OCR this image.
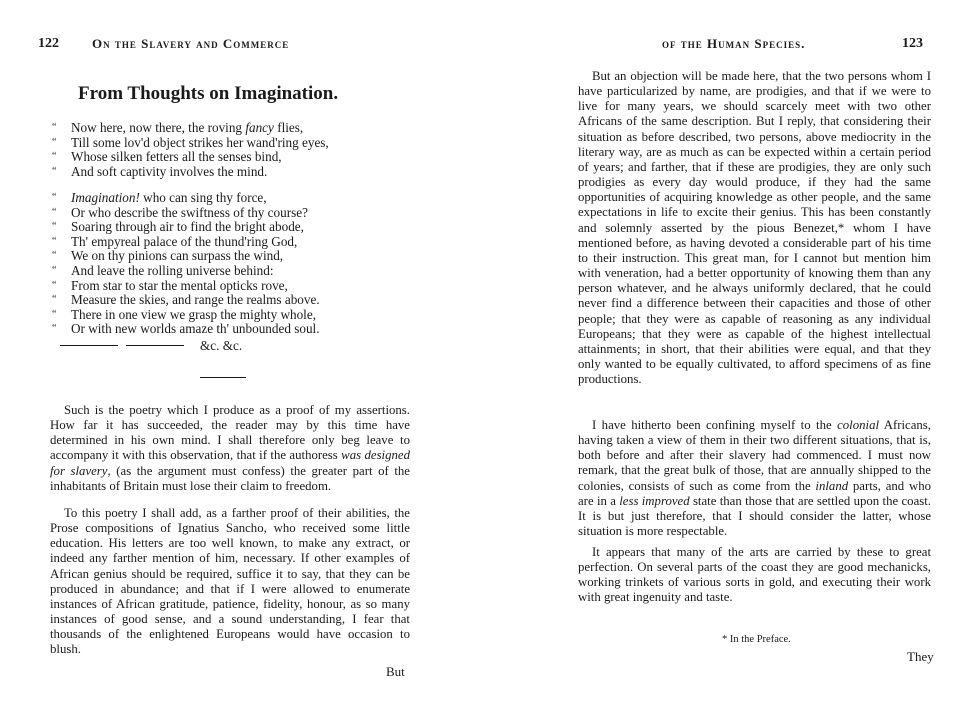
122	On the Slavery and Commerce
From Thoughts on Imagination.
“ Now here, now there, the roving fancy flies,
“ Till some lov'd object strikes her wand'ring eyes,
“ Whose silken fetters all the senses bind,
“ And soft captivity involves the mind.
“ Imagination! who can sing thy force,
“ Or who describe the swiftness of thy course?
“ Soaring through air to find the bright abode,
“ Th' empyreal palace of the thund'ring God,
“ We on thy pinions can surpass the wind,
“ And leave the rolling universe behind:
“ From star to star the mental opticks rove,
“ Measure the skies, and range the realms above.
“ There in one view we grasp the mighty whole,
“ Or with new worlds amaze th' unbounded soul.
&c. &c.

Such is the poetry which I produce as a proof of my assertions. How far it has succeeded, the reader may by this time have determined in his own mind. I shall therefore only beg leave to accompany it with this observation, that if the authoress was designed for slavery, (as the argument must confess) the greater part of the inhabitants of Britain must lose their claim to freedom.

To this poetry I shall add, as a farther proof of their abilities, the Prose compositions of Ignatius Sancho, who received some little education. His letters are too well known, to make any extract, or indeed any farther mention of him, necessary. If other examples of African genius should be required, suffice it to say, that they can be produced in abundance; and that if I were allowed to enumerate instances of African gratitude, patience, fidelity, honour, as so many instances of good sense, and a sound understanding, I fear that thousands of the enlightened Europeans would have occasion to blush.

But
of the Human Species.	123

But an objection will be made here, that the two persons whom I have particularized by name, are prodigies, and that if we were to live for many years, we should scarcely meet with two other Africans of the same description. But I reply, that considering their situation as before described, two persons, above mediocrity in the literary way, are as much as can be expected within a certain period of years; and farther, that if these are prodigies, they are only such prodigies as every day would produce, if they had the same opportunities of acquiring knowledge as other people, and the same expectations in life to excite their genius. This has been constantly and solemnly asserted by the pious Benezet,* whom I have mentioned before, as having devoted a considerable part of his time to their instruction. This great man, for I cannot but mention him with veneration, had a better opportunity of knowing them than any person whatever, and he always uniformly declared, that he could never find a difference between their capacities and those of other people; that they were as capable of reasoning as any individual Europeans; that they were as capable of the highest intellectual attainments; in short, that their abilities were equal, and that they only wanted to be equally cultivated, to afford specimens of as fine productions.

I have hitherto been confining myself to the colonial Africans, having taken a view of them in their two different situations, that is, both before and after their slavery had commenced. I must now remark, that the great bulk of those, that are annually shipped to the colonies, consists of such as come from the inland parts, and who are in a less improved state than those that are settled upon the coast. It is but just therefore, that I should consider the latter, whose situation is more respectable.

It appears that many of the arts are carried by these to great perfection. On several parts of the coast they are good mechanicks, working trinkets of various sorts in gold, and executing their work with great ingenuity and taste.

* In the Preface.
They
